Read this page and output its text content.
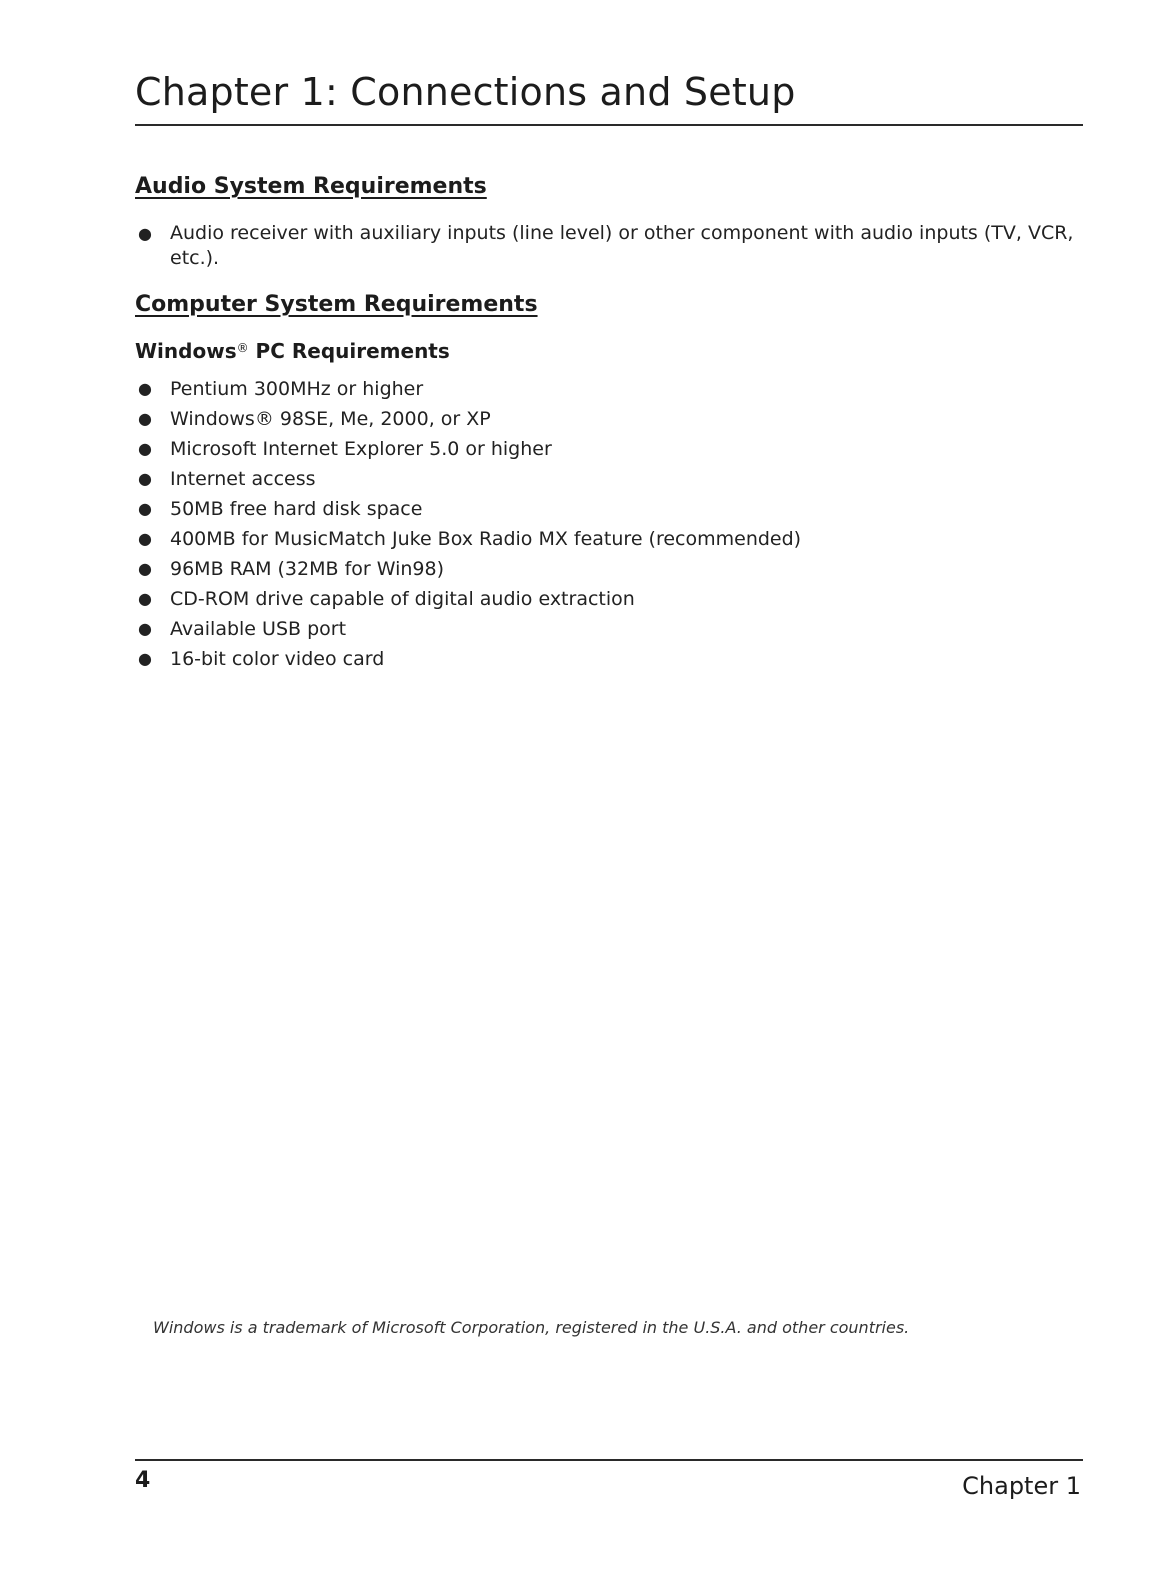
Chapter 1: Connections and Setup
Audio System Requirements
● Audio receiver with auxiliary inputs (line level) or other component with audio inputs (TV, VCR, etc.).
Computer System Requirements
Windows® PC Requirements
● Pentium 300MHz or higher
● Windows® 98SE, Me, 2000, or XP
● Microsoft Internet Explorer 5.0 or higher
● Internet access
● 50MB free hard disk space
● 400MB for MusicMatch Juke Box Radio MX feature (recommended)
● 96MB RAM (32MB for Win98)
● CD-ROM drive capable of digital audio extraction
● Available USB port
● 16-bit color video card

Windows is a trademark of Microsoft Corporation, registered in the U.S.A. and other countries.

4	Chapter 1
